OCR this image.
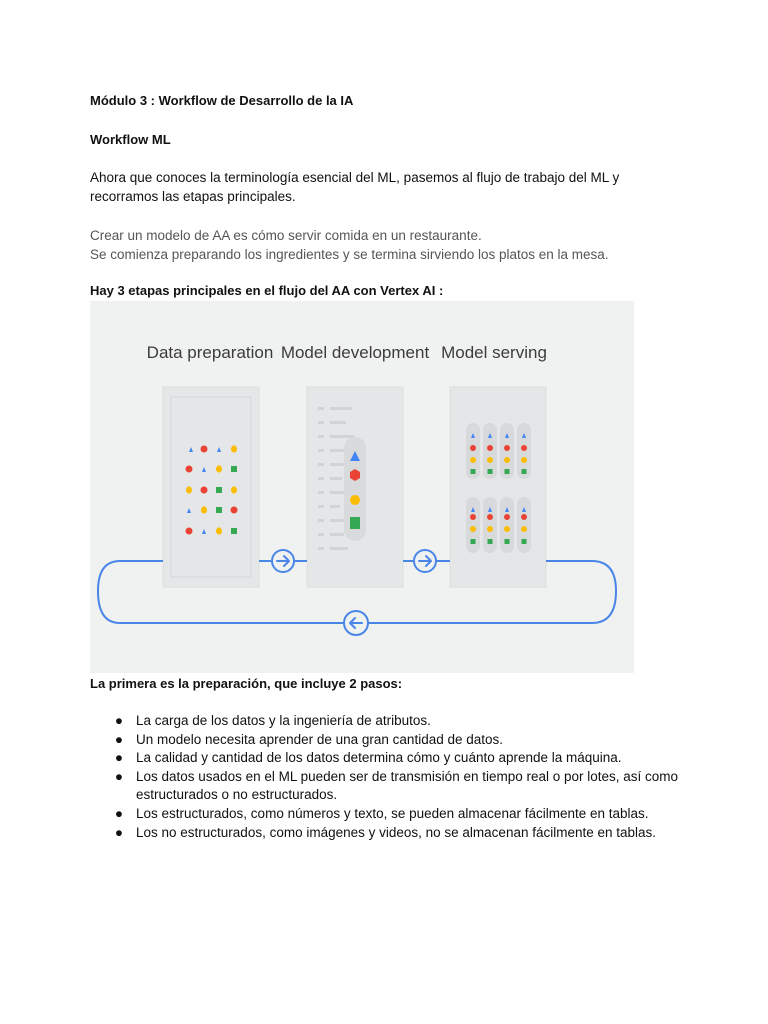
Módulo 3 : Workflow de Desarrollo de la IA
Workflow ML
Ahora que conoces la terminología esencial del ML, pasemos al flujo de trabajo del ML y recorramos las etapas principales.
Crear un modelo de AA es cómo servir comida en un restaurante.
Se comienza preparando los ingredientes y se termina sirviendo los platos en la mesa.
Hay 3 etapas principales en el flujo del AA con Vertex AI :
La primera es la preparación, que incluye 2 pasos:
Data preparation Model development Model serving
● La carga de los datos y la ingeniería de atributos.
● Un modelo necesita aprender de una gran cantidad de datos.
● La calidad y cantidad de los datos determina cómo y cuánto aprende la máquina.
● Los datos usados en el ML pueden ser de transmisión en tiempo real o por lotes, así como estructurados o no estructurados.
● Los estructurados, como números y texto, se pueden almacenar fácilmente en tablas.
● Los no estructurados, como imágenes y videos, no se almacenan fácilmente en tablas.
